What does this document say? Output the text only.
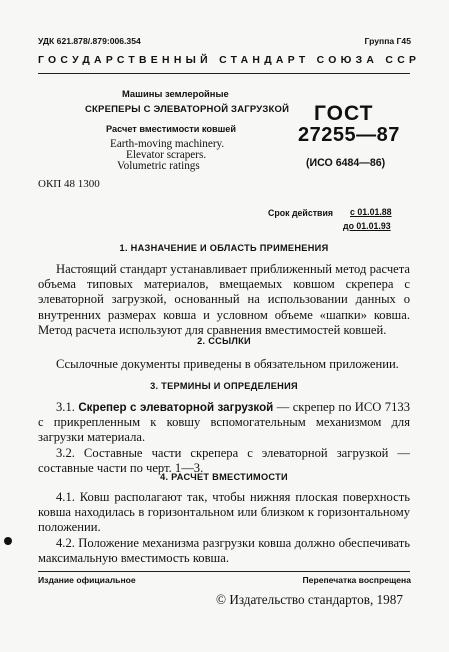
УДК 621.878/.879:006.354	Группа Г45
ГОСУДАРСТВЕННЫЙ СТАНДАРТ СОЮЗА ССР
Машины землеройные
СКРЕПЕРЫ С ЭЛЕВАТОРНОЙ ЗАГРУЗКОЙ
Расчет вместимости ковшей
Earth-moving machinery.
Elevator scrapers.
Volumetric ratings
ОКП 48 1300
ГОСТ
27255—87
(ИСО 6484—86)
Срок действия с 01.01.88
до 01.01.93
1. НАЗНАЧЕНИЕ И ОБЛАСТЬ ПРИМЕНЕНИЯ

Настоящий стандарт устанавливает приближенный метод расчета объема типовых материалов, вмещаемых ковшом скрепера с элеваторной загрузкой, основанный на использовании данных о внутренних размерах ковша и условном объеме «шапки» ковша. Метод расчета используют для сравнения вместимостей ковшей.

2. ССЫЛКИ

Ссылочные документы приведены в обязательном приложении.

3. ТЕРМИНЫ И ОПРЕДЕЛЕНИЯ

3.1. Скрепер с элеваторной загрузкой — скрепер по ИСО 7133 с прикрепленным к ковшу вспомогательным механизмом для загрузки материала.

3.2. Составные части скрепера с элеваторной загрузкой — составные части по черт. 1—3.

4. РАСЧЕТ ВМЕСТИМОСТИ

4.1. Ковш располагают так, чтобы нижняя плоская поверхность ковша находилась в горизонтальном или близком к горизонтальному положении.

4.2. Положение механизма разгрузки ковша должно обеспечивать максимальную вместимость ковша.

Издание официальное	Перепечатка воспрещена
© Издательство стандартов, 1987
